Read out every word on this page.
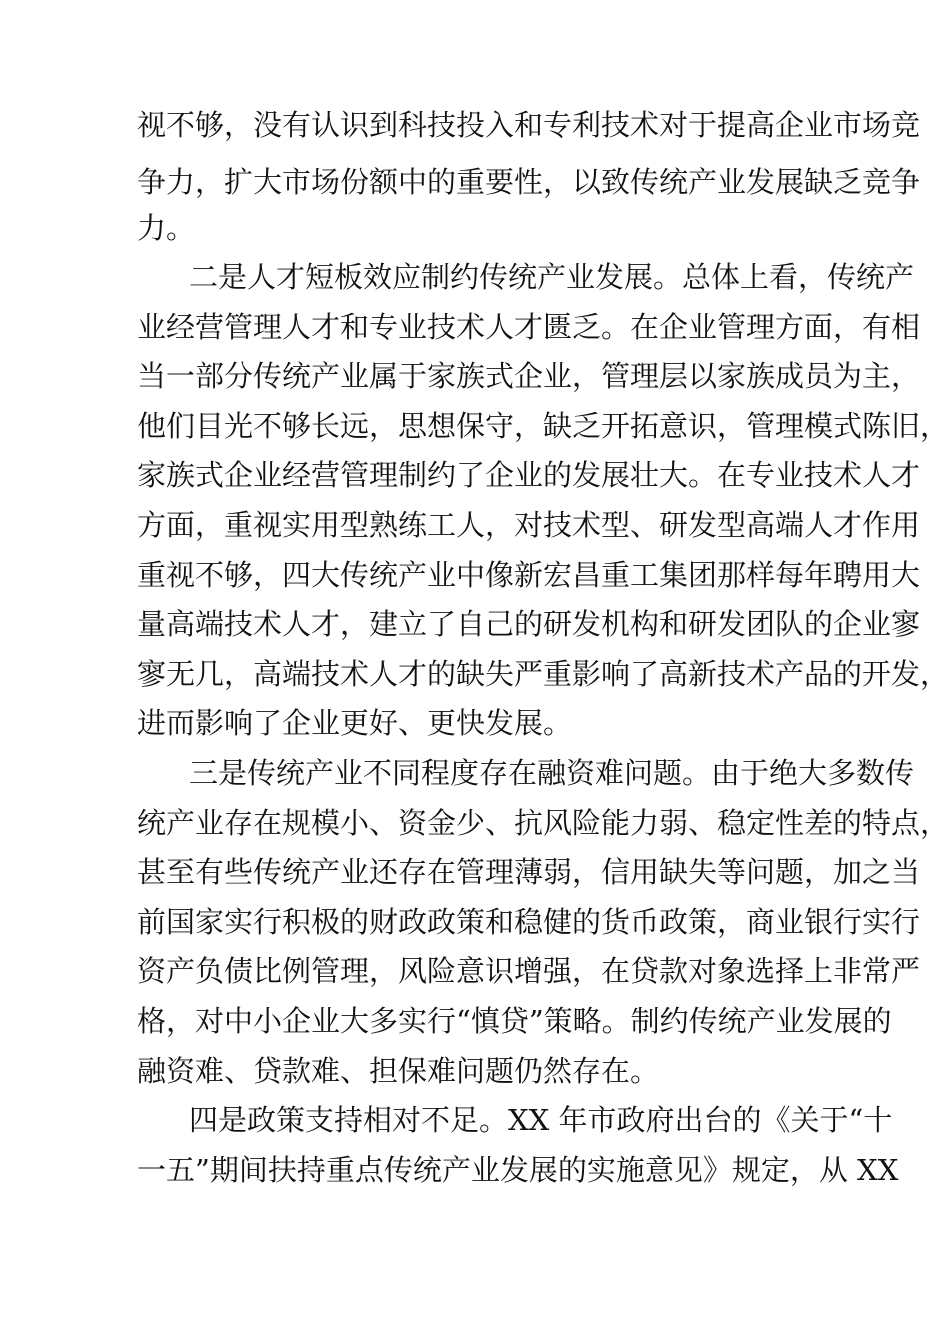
视不够，没有认识到科技投入和专利技术对于提高企业市场竞

争力，扩大市场份额中的重要性，以致传统产业发展缺乏竞争

力。

二是人才短板效应制约传统产业发展。总体上看，传统产

业经营管理人才和专业技术人才匮乏。在企业管理方面，有相

当一部分传统产业属于家族式企业，管理层以家族成员为主，

他们目光不够长远，思想保守，缺乏开拓意识，管理模式陈旧，

家族式企业经营管理制约了企业的发展壮大。在专业技术人才

方面，重视实用型熟练工人，对技术型、研发型高端人才作用

重视不够，四大传统产业中像新宏昌重工集团那样每年聘用大

量高端技术人才，建立了自己的研发机构和研发团队的企业寥

寥无几，高端技术人才的缺失严重影响了高新技术产品的开发，

进而影响了企业更好、更快发展。

三是传统产业不同程度存在融资难问题。由于绝大多数传

统产业存在规模小、资金少、抗风险能力弱、稳定性差的特点，

甚至有些传统产业还存在管理薄弱，信用缺失等问题，加之当

前国家实行积极的财政政策和稳健的货币政策，商业银行实行

资产负债比例管理，风险意识增强，在贷款对象选择上非常严

格，对中小企业大多实行“慎贷”策略。制约传统产业发展的

融资难、贷款难、担保难问题仍然存在。

四是政策支持相对不足。XX 年市政府出台的《关于“十

一五”期间扶持重点传统产业发展的实施意见》规定，从 XX
